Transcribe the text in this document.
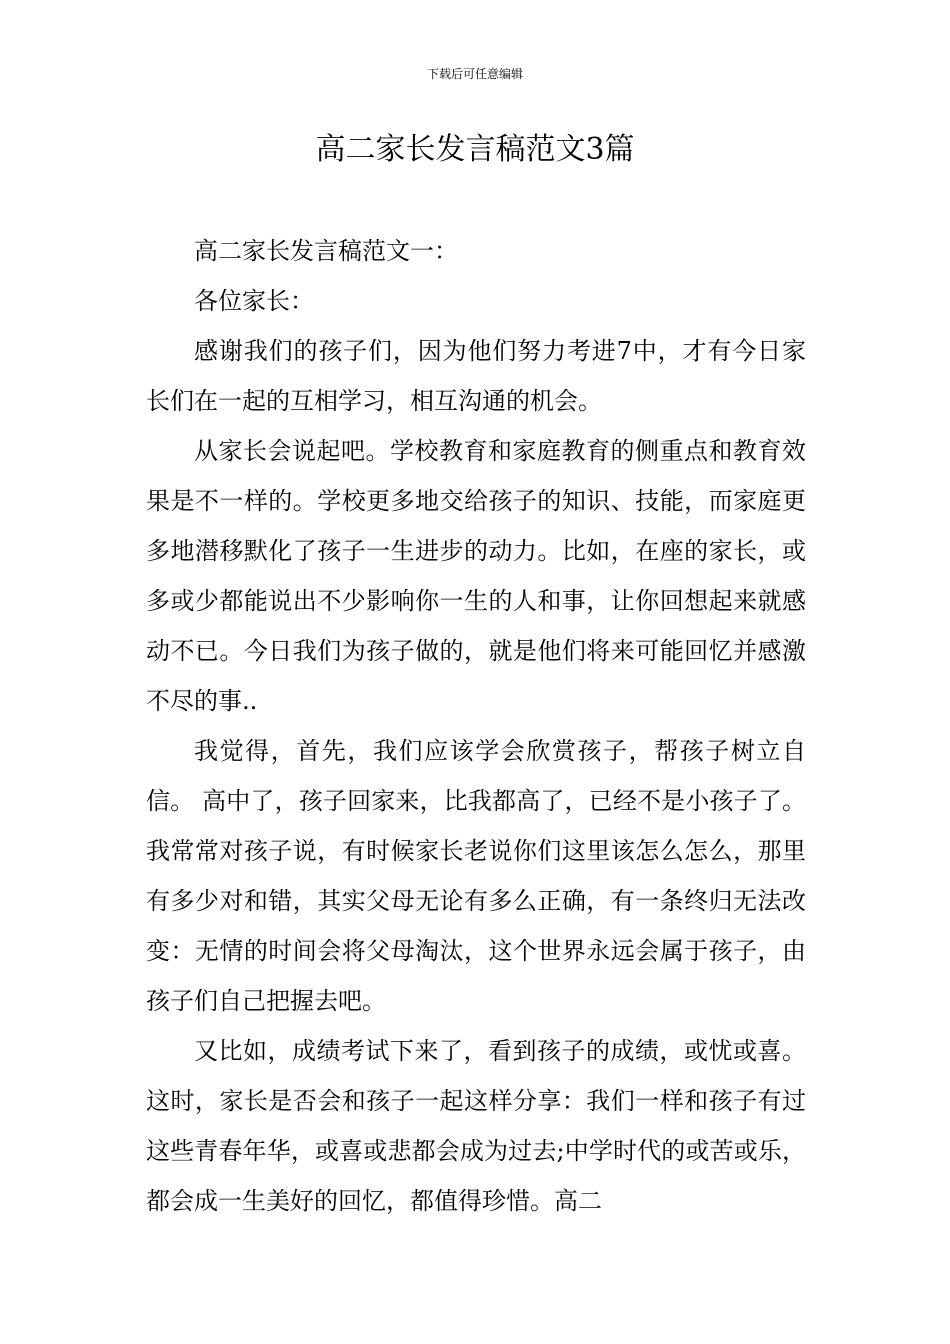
下载后可任意编辑
高二家长发言稿范文3篇

高二家长发言稿范文一：

各位家长：

感谢我们的孩子们，因为他们努力考进7中，才有今日家长们在一起的互相学习，相互沟通的机会。

从家长会说起吧。学校教育和家庭教育的侧重点和教育效果是不一样的。学校更多地交给孩子的知识、技能，而家庭更多地潜移默化了孩子一生进步的动力。比如，在座的家长，或多或少都能说出不少影响你一生的人和事，让你回想起来就感动不已。今日我们为孩子做的，就是他们将来可能回忆并感激不尽的事..

我觉得，首先，我们应该学会欣赏孩子，帮孩子树立自信。 高中了，孩子回家来，比我都高了，已经不是小孩子了。我常常对孩子说，有时候家长老说你们这里该怎么怎么，那里有多少对和错，其实父母无论有多么正确，有一条终归无法改变：无情的时间会将父母淘汰，这个世界永远会属于孩子，由孩子们自己把握去吧。

又比如，成绩考试下来了，看到孩子的成绩，或忧或喜。这时，家长是否会和孩子一起这样分享：我们一样和孩子有过这些青春年华，或喜或悲都会成为过去;中学时代的或苦或乐，都会成一生美好的回忆，都值得珍惜。高二
